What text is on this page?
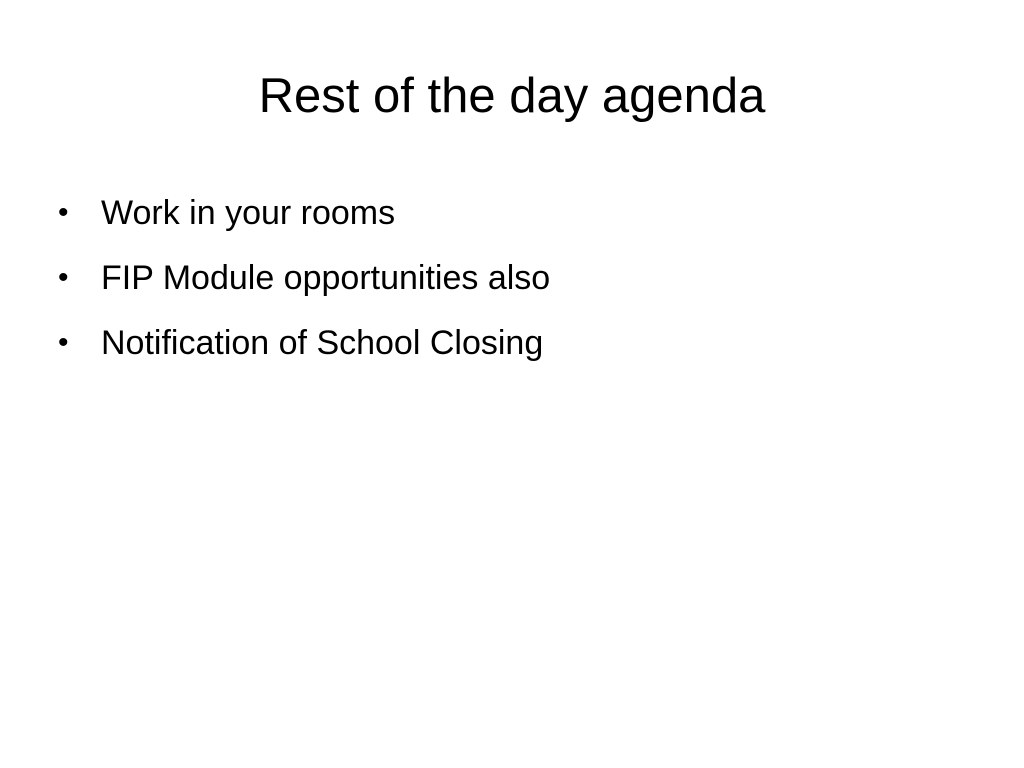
Rest of the day agenda
• Work in your rooms
• FIP Module opportunities also
• Notification of School Closing
